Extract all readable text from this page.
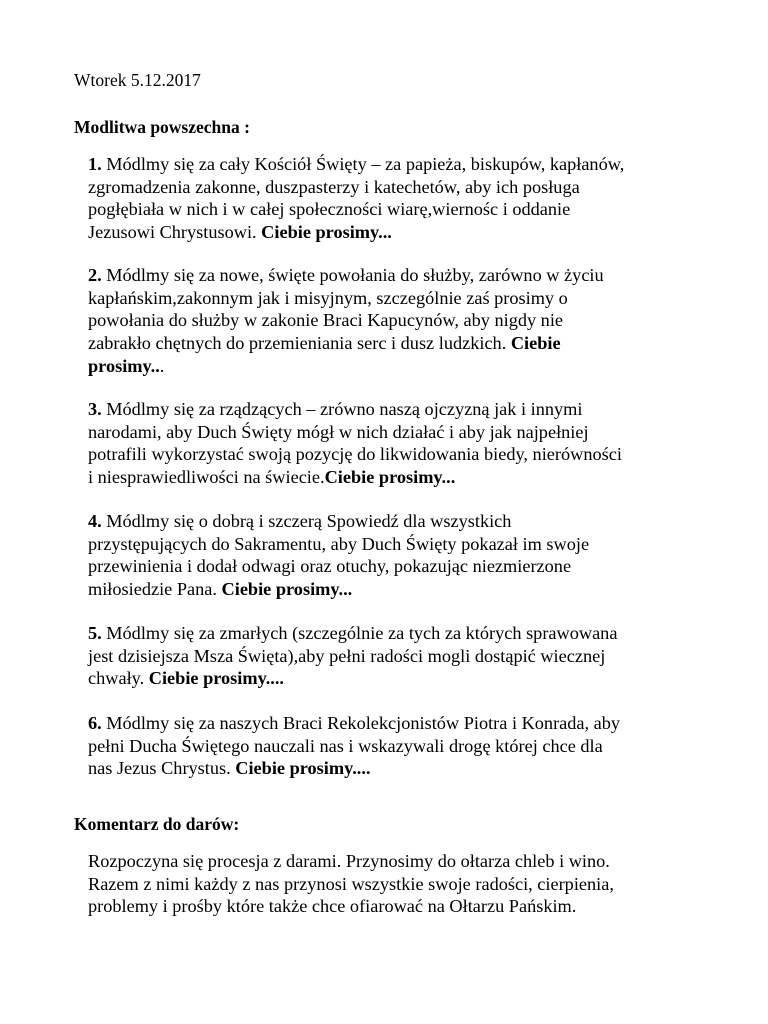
Wtorek 5.12.2017
Modlitwa powszechna :
1. Módlmy się za cały Kościół Święty – za papieża, biskupów, kapłanów,
zgromadzenia zakonne, duszpasterzy i katechetów, aby ich posługa
pogłębiała w nich i w całej społeczności wiarę,wiernośc i oddanie
Jezusowi Chrystusowi. Ciebie prosimy...
2. Módlmy się za nowe, święte powołania do służby, zarówno w życiu
kapłańskim,zakonnym jak i misyjnym, szczególnie zaś prosimy o
powołania do służby w zakonie Braci Kapucynów, aby nigdy nie
zabrakło chętnych do przemieniania serc i dusz ludzkich. Ciebie
prosimy...
3. Módlmy się za rządzących – zrówno naszą ojczyzną jak i innymi
narodami, aby Duch Święty mógł w nich działać i aby jak najpełniej
potrafili wykorzystać swoją pozycję do likwidowania biedy, nierówności
i niesprawiedliwości na świecie.Ciebie prosimy...
4. Módlmy się o dobrą i szczerą Spowiedź dla wszystkich
przystępujących do Sakramentu, aby Duch Święty pokazał im swoje
przewinienia i dodał odwagi oraz otuchy, pokazując niezmierzone
miłosiedzie Pana. Ciebie prosimy...
5. Módlmy się za zmarłych (szczególnie za tych za których sprawowana
jest dzisiejsza Msza Święta),aby pełni radości mogli dostąpić wiecznej
chwały. Ciebie prosimy....
6. Módlmy się za naszych Braci Rekolekcjonistów Piotra i Konrada, aby
pełni Ducha Świętego nauczali nas i wskazywali drogę której chce dla
nas Jezus Chrystus. Ciebie prosimy....
Komentarz do darów:
Rozpoczyna się procesja z darami. Przynosimy do ołtarza chleb i wino.
Razem z nimi każdy z nas przynosi wszystkie swoje radości, cierpienia,
problemy i prośby które także chce ofiarować na Ołtarzu Pańskim.
